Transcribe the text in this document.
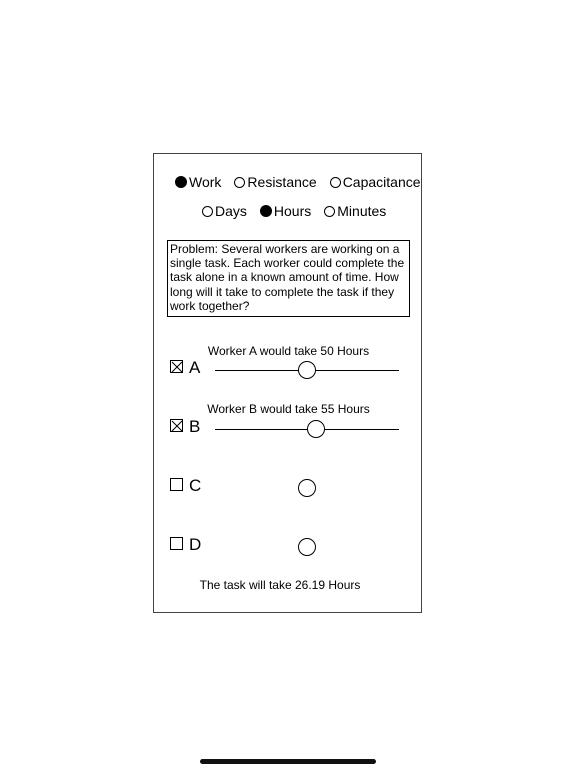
Work Resistance Capacitance
Days Hours Minutes
Problem: Several workers are working on a single task. Each worker could complete the task alone in a known amount of time. How long will it take to complete the task if they work together?
Worker A would take 50 Hours
A
Worker B would take 55 Hours
B
C
D
The task will take 26.19 Hours
